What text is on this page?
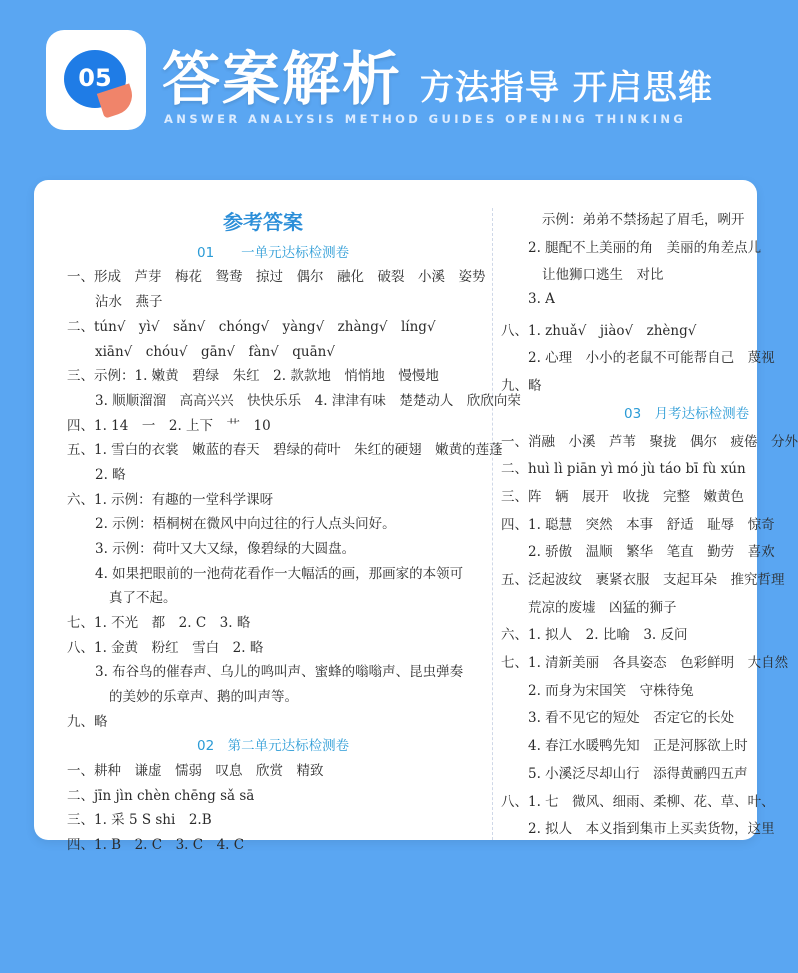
05 答案解析 方法指导 开启思维
ANSWER ANALYSIS METHOD GUIDES OPENING THINKING
参考答案
01　　一单元达标检测卷
一、形成　芦芽　梅花　鸳鸯　掠过　偶尔　融化　破裂　小溪　姿势
沾水　燕子
二、tún√　yì√　sǎn√　chóng√　yàng√　zhàng√　líng√
xiān√　chóu√　gān√　fàn√　quān√
三、示例：1. 嫩黄　碧绿　朱红　2. 款款地　悄悄地　慢慢地
3. 顺顺溜溜　高高兴兴　快快乐乐　4. 津津有味　楚楚动人　欣欣向荣
四、1. 14　一　2. 上下　艹　10
五、1. 雪白的衣裳　嫩蓝的春天　碧绿的荷叶　朱红的硬翅　嫩黄的莲蓬
2. 略
六、1. 示例：有趣的一堂科学课呀
2. 示例：梧桐树在微风中向过往的行人点头问好。
3. 示例：荷叶又大又绿，像碧绿的大圆盘。
4. 如果把眼前的一池荷花看作一大幅活的画，那画家的本领可
真了不起。
七、1. 不光　都　2. C　3. 略
八、1. 金黄　粉红　雪白　2. 略
3. 布谷鸟的催春声、乌儿的鸣叫声、蜜蜂的嗡嗡声、昆虫弹奏
的美妙的乐章声、鹅的叫声等。
九、略
02　第二单元达标检测卷
一、耕种　谦虚　懦弱　叹息　欣赏　精致
二、jīn jìn chèn chēng sǎ sā
三、1. 采 5 S shi　2.B
四、1. B　2. C　3. C　4. C
示例：弟弟不禁扬起了眉毛，咧开
2. 腿配不上美丽的角　美丽的角差点儿
让他狮口逃生　对比
3. A
八、1. zhuǎ√　jiào√　zhèng√
2. 心理　小小的老鼠不可能帮自己　蔑视
九、略
03　月考达标检测卷
一、消融　小溪　芦苇　聚拢　偶尔　疲倦　分外
二、huì lì piān yì mó jù táo bī fù xún
三、阵　辆　展开　收拢　完整　嫩黄色
四、1. 聪慧　突然　本事　舒适　耻辱　惊奇
2. 骄傲　温顺　繁华　笔直　勤劳　喜欢
五、泛起波纹　裹紧衣服　支起耳朵　推究哲理
荒凉的废墟　凶猛的狮子
六、1. 拟人　2. 比喻　3. 反问
七、1. 清新美丽　各具姿态　色彩鲜明　大自然
2. 而身为宋国笑　守株待兔
3. 看不见它的短处　否定它的长处
4. 春江水暖鸭先知　正是河豚欲上时
5. 小溪泛尽却山行　添得黄鹂四五声
八、1. 七　微风、细雨、柔柳、花、草、叶、
2. 拟人　本义指到集市上买卖货物，这里
